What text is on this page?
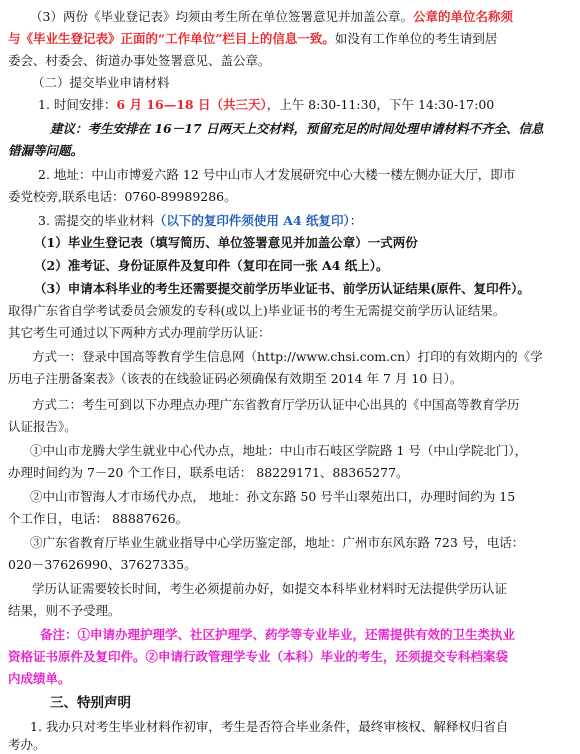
（3）两份《毕业登记表》均须由考生所在单位签署意见并加盖公章。公章的单位名称须
与《毕业生登记表》正面的“工作单位”栏目上的信息一致。如没有工作单位的考生请到居
委会、村委会、街道办事处签署意见、盖公章。
（二）提交毕业申请材料
1. 时间安排：6 月 16—18 日（共三天），上午 8:30-11:30，下午 14:30-17:00
建议：考生安排在 16－17 日两天上交材料，预留充足的时间处理申请材料不齐全、信息
错漏等问题。
2. 地址：中山市博爱六路 12 号中山市人才发展研究中心大楼一楼左侧办证大厅，即市
委党校旁,联系电话：0760-89989286。
3. 需提交的毕业材料（以下的复印件须使用 A4 纸复印）：
（1）毕业生登记表（填写简历、单位签署意见并加盖公章）一式两份
（2）准考证、身份证原件及复印件（复印在同一张 A4 纸上）。
（3）申请本科毕业的考生还需要提交前学历毕业证书、前学历认证结果(原件、复印件）。
取得广东省自学考试委员会颁发的专科(或以上)毕业证书的考生无需提交前学历认证结果。
其它考生可通过以下两种方式办理前学历认证：
方式一：登录中国高等教育学生信息网（http://www.chsi.com.cn）打印的有效期内的《学
历电子注册备案表》（该表的在线验证码必须确保有效期至 2014 年 7 月 10 日）。
方式二：考生可到以下办理点办理广东省教育厅学历认证中心出具的《中国高等教育学历
认证报告》。
①中山市龙腾大学生就业中心代办点，地址：中山市石岐区学院路 1 号（中山学院北门），
办理时间约为 7－20 个工作日，联系电话： 88229171、88365277。
②中山市智海人才市场代办点， 地址：孙文东路 50 号半山翠苑出口，办理时间约为 15
个工作日，电话： 88887626。
③广东省教育厅毕业生就业指导中心学历鉴定部，地址：广州市东风东路 723 号，电话：
020－37626990、37627335。
学历认证需要较长时间，考生必须提前办好，如提交本科毕业材料时无法提供学历认证
结果，则不予受理。
备注：①申请办理护理学、社区护理学、药学等专业毕业，还需提供有效的卫生类执业
资格证书原件及复印件。②申请行政管理学专业（本科）毕业的考生，还须提交专科档案袋
内成绩单。
三、特别声明
1. 我办只对考生毕业材料作初审，考生是否符合毕业条件，最终审核权、解释权归省自
考办。
